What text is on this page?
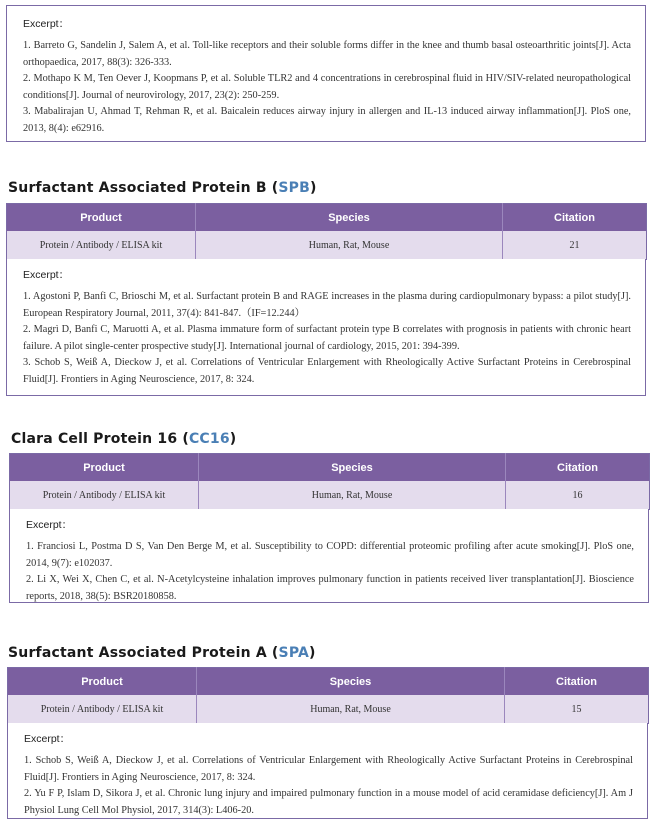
Excerpt：

1. Barreto G, Sandelin J, Salem A, et al. Toll-like receptors and their soluble forms differ in the knee and thumb basal osteoarthritic joints[J]. Acta orthopaedica, 2017, 88(3): 326-333.

2. Mothapo K M, Ten Oever J, Koopmans P, et al. Soluble TLR2 and 4 concentrations in cerebrospinal fluid in HIV/SIV-related neuropathological conditions[J]. Journal of neurovirology, 2017, 23(2): 250-259.

3. Mabalirajan U, Ahmad T, Rehman R, et al. Baicalein reduces airway injury in allergen and IL-13 induced airway inflammation[J]. PloS one, 2013, 8(4): e62916.

Surfactant Associated Protein B (SPB)
Product	Species	Citation
Protein / Antibody / ELISA kit	Human, Rat, Mouse	21

Excerpt：

1. Agostoni P, Banfi C, Brioschi M, et al. Surfactant protein B and RAGE increases in the plasma during cardiopulmonary bypass: a pilot study[J]. European Respiratory Journal, 2011, 37(4): 841-847.（IF=12.244）

2. Magrì D, Banfi C, Maruotti A, et al. Plasma immature form of surfactant protein type B correlates with prognosis in patients with chronic heart failure. A pilot single-center prospective study[J]. International journal of cardiology, 2015, 201: 394-399.

3. Schob S, Weiß A, Dieckow J, et al. Correlations of Ventricular Enlargement with Rheologically Active Surfactant Proteins in Cerebrospinal Fluid[J]. Frontiers in Aging Neuroscience, 2017, 8: 324.

Clara Cell Protein 16 (CC16)
Product	Species	Citation
Protein / Antibody / ELISA kit	Human, Rat, Mouse	16

Excerpt：

1. Franciosi L, Postma D S, Van Den Berge M, et al. Susceptibility to COPD: differential proteomic profiling after acute smoking[J]. PloS one, 2014, 9(7): e102037.

2. Li X, Wei X, Chen C, et al. N-Acetylcysteine inhalation improves pulmonary function in patients received liver transplantation[J]. Bioscience reports, 2018, 38(5): BSR20180858.

Surfactant Associated Protein A (SPA)
Product	Species	Citation
Protein / Antibody / ELISA kit	Human, Rat, Mouse	15

Excerpt：

1. Schob S, Weiß A, Dieckow J, et al. Correlations of Ventricular Enlargement with Rheologically Active Surfactant Proteins in Cerebrospinal Fluid[J]. Frontiers in Aging Neuroscience, 2017, 8: 324.

2. Yu F P, Islam D, Sikora J, et al. Chronic lung injury and impaired pulmonary function in a mouse model of acid ceramidase deficiency[J]. Am J Physiol Lung Cell Mol Physiol, 2017, 314(3): L406-20.
